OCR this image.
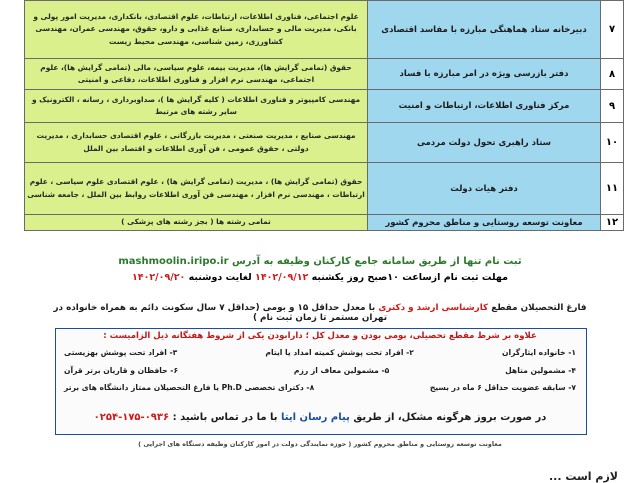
۷	دبیرخانه ستاد هماهنگی مبارزه با مفاسد اقتصادی	علوم اجتماعی، فناوری اطلاعات، ارتباطات، علوم اقتصادی، بانکداری، مدیریت امور پولی و بانکی، مدیریت مالی و حسابداری، صنایع غذایی و دارو، حقوق، مهندسی عمران، مهندسی کشاورزی، زمین شناسی، مهندسی محیط زیست
۸	دفتر بازرسی ویژه در امر مبارزه با فساد	حقوق (تمامی گرایش ها)، مدیریت بیمه، علوم سیاسی، مالی (تمامی گرایش ها)، علوم اجتماعی، مهندسی نرم افزار و فناوری اطلاعات، دفاعی و امنیتی
۹	مرکز فناوری اطلاعات، ارتباطات و امنیت	مهندسی کامپیوتر و فناوری اطلاعات ( کلیه گرایش ها )، صداوبرداری ، رسانه ، الکترونیک و سایر رشته های مرتبط
۱۰	ستاد راهبری تحول دولت مردمی	مهندسی صنایع ، مدیریت صنعتی ، مدیریت بازرگانی ، علوم اقتصادی حسابداری ، مدیریت دولتی ، حقوق عمومی ، فن آوری اطلاعات و اقتصاد بین الملل
۱۱	دفتر هیات دولت	حقوق (تمامی گرایش ها) ، مدیریت (تمامی گرایش ها) ، علوم اقتصادی علوم سیاسی ، علوم ارتباطات ، مهندسی نرم افزار ، مهندسی فن آوری اطلاعات روابط بین الملل ، جامعه شناسی
۱۲	معاونت توسعه روستایی و مناطق محروم کشور	تمامی رشته ها ( بجز رشته های پزشکی )
ثبت نام تنها از طریق سامانه جامع کارکنان وظیفه به آدرس mashmoolin.iripo.ir
مهلت ثبت نام ازساعت ۱۰صبح روز یکشنبه ۱۴۰۲/۰۹/۱۲ لغایت دوشنبه ۱۴۰۲/۰۹/۲۰
فارغ التحصیلان مقطع کارشناسی ارشد و دکتری با معدل حداقل ۱۵ و بومی (حداقل ۷ سال سکونت دائم به همراه خانواده در تهران مستمر تا زمان ثبت نام )
علاوه بر شرط مقطع تحصیلی، بومی بودن و معدل کل ؛ دارابودن یکی از شروط هفتگانه ذیل الزامیست :
۱- خانواده ایثارگران
۲- افراد تحت پوشش کمیته امداد یا ایتام
۳- افراد تحت پوشش بهزیستی
۴- مشمولین متاهل
۵- مشمولین معاف از رزم
۶- حافظان و قاریان برتر قرآن
۷- سابقه عضویت حداقل ۶ ماه در بسیج
۸- دکترای تخصصی Ph.D یا فارغ التحصیلان ممتاز دانشگاه های برتر
در صورت بروز هرگونه مشکل، از طریق پیام رسان ایتا با ما در تماس باشید : ۰۹۳۶-۱۷۵-۰۲۵۴
معاونت توسعه روستایی و مناطق محروم کشور ( حوزه نمایندگی دولت در امور کارکنان وظیفه دستگاه های اجرایی )
لازم است ...
